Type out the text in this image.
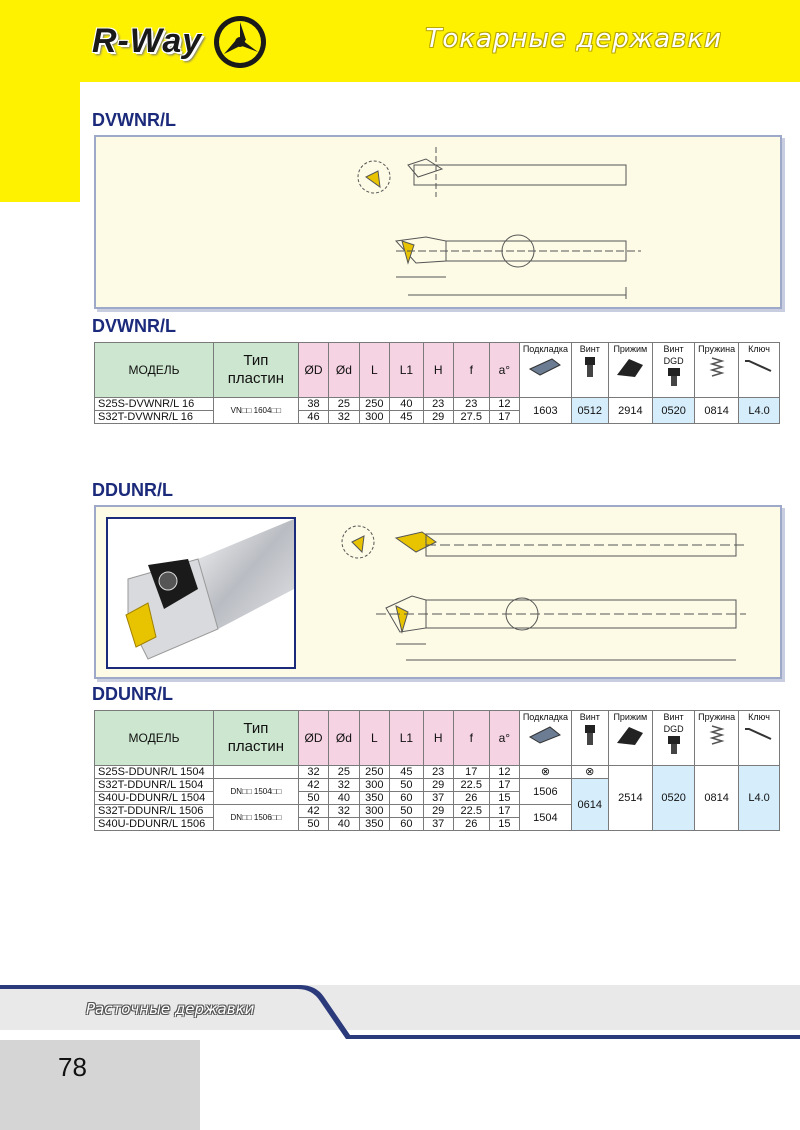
R-Way	Токарные державки
DVWNR/L
DVWNR/L
МОДЕЛЬ	Тип пластин	ØD	Ød	L	L1	H	f	a°	Подкладка	Винт	Прижим	Винт DGD	Пружина	Ключ

S25S-DVWNR/L 16	VN□□ 1604□□	38	25	250	40	23	23	12	1603	0512	2914	0520	0814	L4.0
S32T-DVWNR/L 16		46	32	300	45	29	27.5	17						
DDUNR/L
DDUNR/L
МОДЕЛЬ	Тип пластин	ØD	Ød	L	L1	H	f	a°	Подкладка	Винт	Прижим	Винт DGD	Пружина	Ключ

S25S-DDUNR/L 1504		32	25	250	45	23	17	12	⊗	⊗	2514	0520	0814	L4.0
S32T-DDUNR/L 1504	DN□□ 1504□□	42	32	300	50	29	22.5	17	1506	0614				
S40U-DDUNR/L 1504		50	40	350	60	37	26	15						
S32T-DDUNR/L 1506	DN□□ 1506□□	42	32	300	50	29	22.5	17	1504					
S40U-DDUNR/L 1506		50	40	350	60	37	26	15						
Расточные державки
78
